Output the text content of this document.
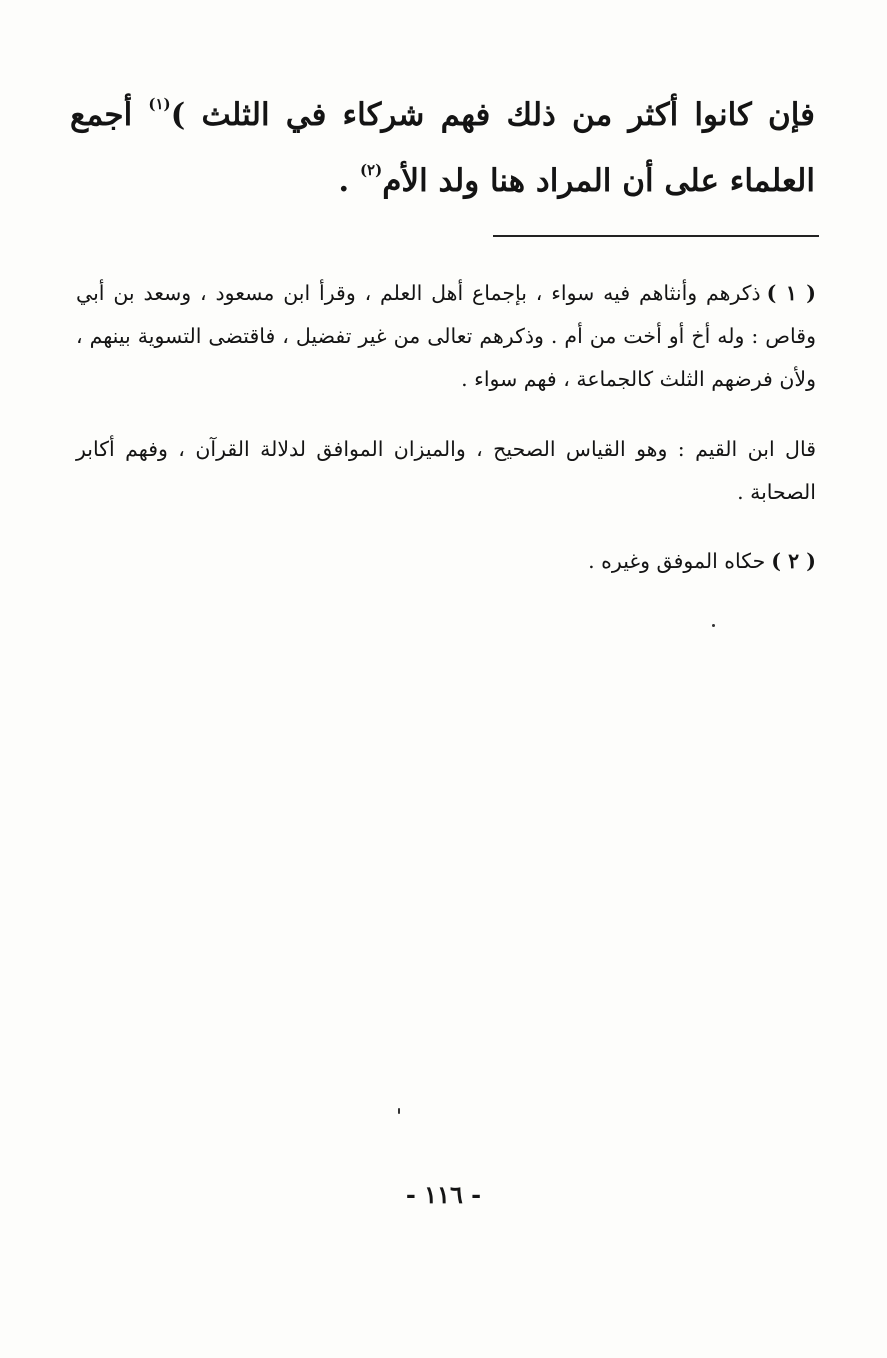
فإن كانوا أكثر من ذلك فهم شركاء في الثلث )$^{(١)}$ أجمع العلماء على أن المراد هنا ولد الأم$^{(٢)}$ .

( ١ )ذكرهم وأنثاهم فيه سواء ، بإجماع أهل العلم ، وقرأ ابن مسعود ، وسعد بن أبي وقاص : وله أخ أو أخت من أم . وذكرهم تعالى من غير تفضيل ، فاقتضى التسوية بينهم ، ولأن فرضهم الثلث كالجماعة ، فهم سواء .

قال ابن القيم : وهو القياس الصحيح ، والميزان الموافق لدلالة القرآن ، وفهم أكابر الصحابة .

( ٢ )حكاه الموفق وغيره .

- ١١٦ -
